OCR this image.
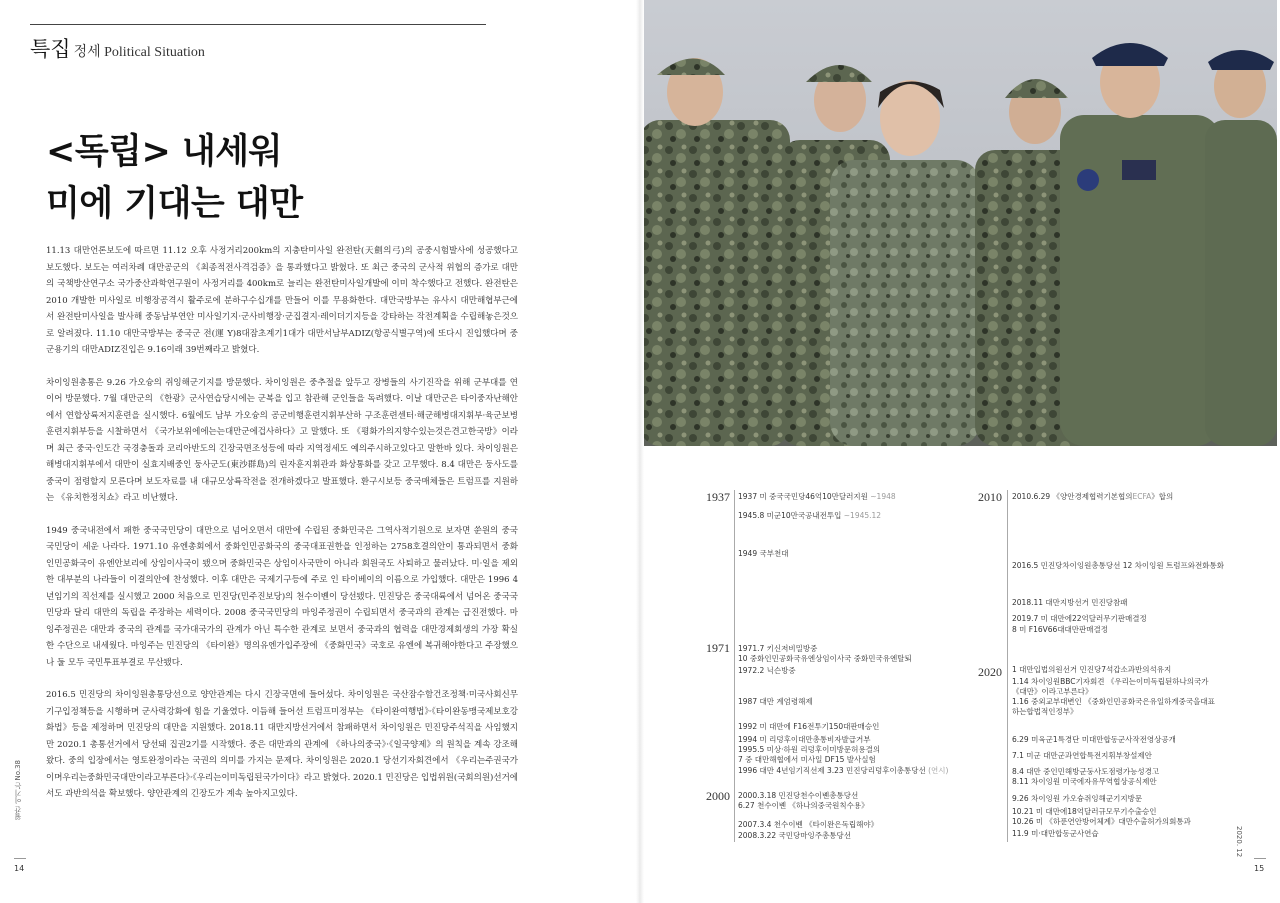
특집 정세 Political Situation
<독립> 내세워
미에 기대는 대만

11.13 대만언론보도에 따르면 11.12 오후 사정거리200km의 지충탄미사일 완전탄(天劍의弓)의 공중시험발사에 성공했다고 보도했다. 보도는 여러차례 대만공군의 《최종적전사격검증》을 통과했다고 밝혔다. 또 최근 중국의 군사적 위협의 증가로 대만의 국책방산연구소 국가중산과학연구원이 사정거리를 400km로 늘리는 완전탄미사일개발에 이미 착수했다고 전했다. 완전탄은 2010 개발한 미사일로 비행장공격시 활주로에 분하구수십개를 만들어 이를 무용화한다. 대만국방부는 유사시 대만해협부근에서 완전탄미사일을 발사해 중동남부연안 미사일기지·군사비행장·군집결지·레이더기지등을 강타하는 작전계획을 수립해놓은것으로 알려졌다. 11.10 대만국방부는 중국군 전(運 Y)8대잠초계기1대가 대만서남부ADIZ(항공식별구역)에 또다시 진입했다며 중군용기의 대만ADIZ진입은 9.16이래 39번째라고 밝혔다.

차이잉원총통은 9.26 가오슝의 쥐잉해군기지를 방문했다. 차이잉원은 중추절을 앞두고 장병들의 사기진작을 위해 군부대를 연이어 방문했다. 7월 대만군의 《한광》군사연습당시에는 군복을 입고 참관해 군인들을 독려했다. 이날 대만군은 타이중자난해안에서 연합상륙저지훈련을 실시했다. 6월에도 남부 가오슝의 공군비행훈련지휘부산하 구조훈련센터·해군해병대지휘부·육군보병훈련지휘부등을 시찰하면서 《국가보위에에는는대만군에겁사하다》고 말했다. 또 《평화가의지향수있는것은견고한국방》이라며 최근 중국·인도간 국경충돌과 코리아반도의 긴장국면조성등에 따라 지역정세도 예의주시하고있다고 말한바 있다. 차이잉원은 해병대지휘부에서 대만이 실효지배중인 둥사군도(東沙群島)의 린자훈지휘관과 화상통화를 갖고 고무했다. 8.4 대만은 둥사도를 중국이 점령할지 모른다며 보도자료를 내 대규모상륙작전을 전개하겠다고 발표했다. 환구시보등 중국매체들은 트럼프를 지원하는 《유치한정치쇼》라고 비난했다.

1949 중국내전에서 패한 중국국민당이 대만으로 넘어오면서 대만에 수립된 중화민국은 그역사적기원으로 보자면 쑨원의 중국국민당이 세운 나라다. 1971.10 유엔총회에서 중화인민공화국의 중국대표권한을 인정하는 2758호결의안이 통과되면서 중화인민공화국이 유엔안보리에 상임이사국이 됐으며 중화민국은 상임이사국만이 아니라 회원국도 사퇴하고 물러났다. 미·일을 제외한 대부분의 나라들이 이결의안에 찬성했다. 이후 대만은 국제기구등에 주로 인 타이베이의 이름으로 가입했다. 대만은 1996 4년임기의 직선제를 실시했고 2000 처음으로 민진당(민주진보당)의 천수이볜이 당선됐다. 민진당은 중국대륙에서 넘어온 중국국민당과 달리 대만의 독립을 주장하는 세력이다. 2008 중국국민당의 마잉주정권이 수립되면서 중국과의 관계는 급진전했다. 마잉주정권은 대만과 중국의 관계를 국가대국가의 관계가 아닌 특수한 관계로 보면서 중국과의 협력을 대만경제회생의 가장 확실한 수단으로 내세웠다. 마잉주는 민진당의 《타이완》명의유엔가입주장에 《중화민국》국호로 유엔에 복귀해야한다고 주장했으나 둘 모두 국민투표부결로 무산됐다.

2016.5 민진당의 차이잉원총통당선으로 양안관계는 다시 긴장국면에 들어섰다. 차이잉원은 국산잠수함건조정책·미국사회신무기구입정책등을 시행하며 군사력강화에 힘을 기울였다. 이듬해 들어선 트럼프미정부는 《타이완여행법》·《타이완동맹국제보호강화법》등을 제정하며 민진당의 대만을 지원했다. 2018.11 대만지방선거에서 참패하면서 차이잉원은 민진당주석직을 사임했지만 2020.1 총통선거에서 당선돼 집권2기를 시작했다. 중은 대만과의 관계에 《하나의중국》·《일국양제》의 원칙을 계속 강조해왔다. 중의 입장에서는 영토완정이라는 국권의 의미를 가지는 문제다. 차이잉원은 2020.1 당선기자회견에서 《우리는주권국가이며우리는중화민국대만이라고부른다》·《우리는이미독립된국가이다》라고 밝혔다. 2020.1 민진당은 입법위원(국회의원)선거에서도 과반의석을 확보했다. 양안관계의 긴장도가 계속 높아지고있다.

월간 이기는 No.38
14
1937
1971
2000
1937 미 중국국민당46억10만달러지원 ~1948
1945.8 미군10만국공내전투입 ~1945.12
1949 국부천대
1971.7 키신저비밀방중
10 중화인민공화국유엔상임이사국 중화민국유엔탈퇴
1972.2 닉슨방중
1987 대만 계엄령해제
1992 미 대만에 F16전투기150대판매승인
1994 미 리덩후이대만총통비자발급거부
1995.5 미상·하원 리덩후이미방문허용결의
7 중 대만해협에서 미사일 DF15 발사실험
1996 대만 4년임기직선제 3.23 민진당리덩후이총통당선 (연시)
2000.3.18 민진당천수이볜총통당선
6.27 천수이볜 《하나의중국원칙수용》
2007.3.4 천수이볜 《타이완은독립해야》
2008.3.22 국민당마잉주총통당선
2010
2020
2010.6.29 《양안경제협력기본협의ECFA》합의
2016.5 민진당차이잉원총통당선 12 차이잉원 트럼프와전화통화
2018.11 대만지방선거 민진당참패
2019.7 미 대만에22억달러무기판매결정
8 미 F16V66대대만판매결정
1 대만입법의원선거 민진당7석갑소과반의석유지
1.14 차이잉원BBC기자회견 《우리는이미독립된하나의국가
《대만》이라고부른다》
1.16 중외교부대변인 《중화인민공화국은유일하게중국을대표
하는합법적인정부》
6.29 미육군1특경단 미대만합동군사작전영상공개
7.1 미군 대만군과연합특전지휘부창설제안
8.4 대만 중인민해방군둥사도점령가능성경고
8.11 차이잉원 미국에자유무역협상공식제안
9.26 차이잉원 가오슝쥐잉해군기지방문
10.21 미 대만에18억달러규모무기수출승인
10.26 미 《하푼연안방어체계》대만수출허가의회통과
11.9 미·대만합동군사연습	2020. 12
15
